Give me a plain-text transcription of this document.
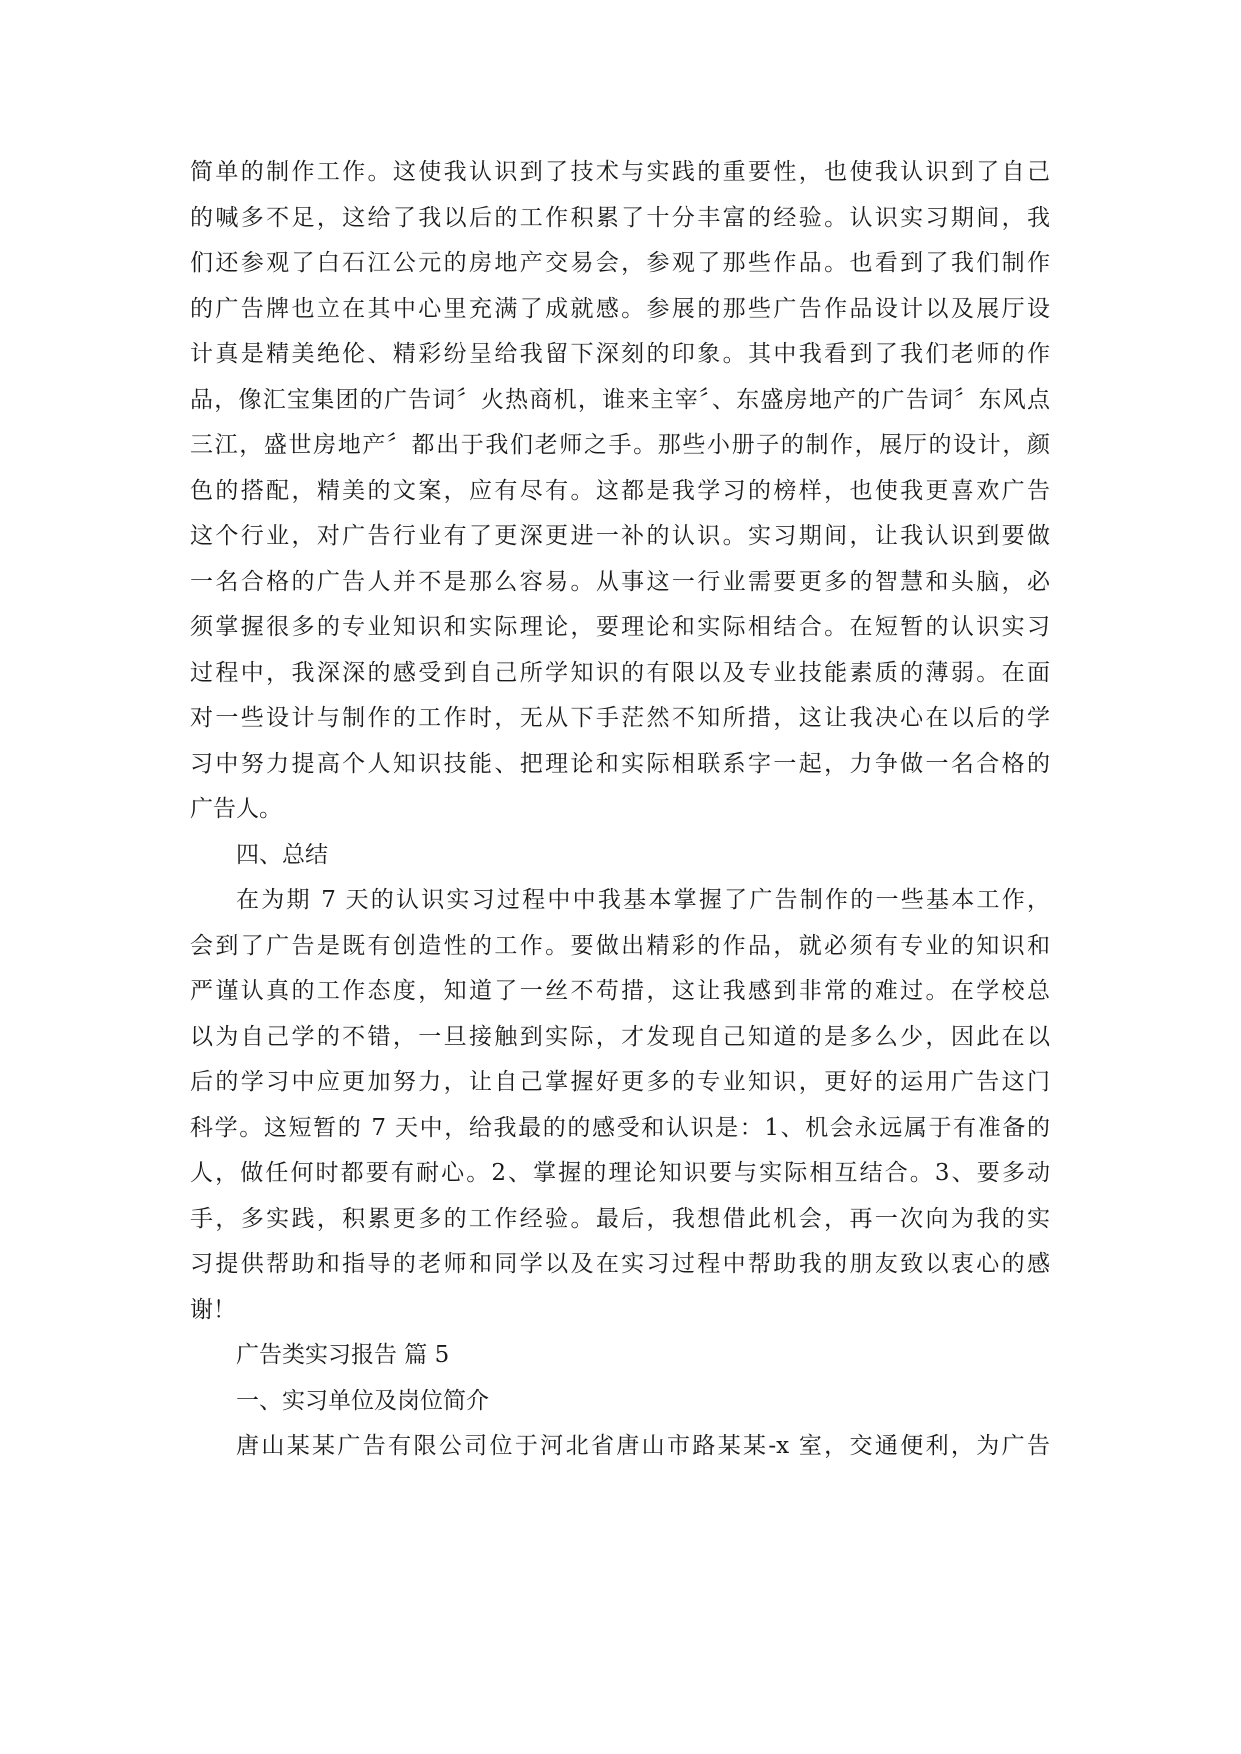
简单的制作工作。这使我认识到了技术与实践的重要性，也使我认识到了自己
的喊多不足，这给了我以后的工作积累了十分丰富的经验。认识实习期间，我
们还参观了白石江公元的房地产交易会，参观了那些作品。也看到了我们制作
的广告牌也立在其中心里充满了成就感。参展的那些广告作品设计以及展厅设
计真是精美绝伦、精彩纷呈给我留下深刻的印象。其中我看到了我们老师的作
品，像汇宝集团的广告词〞火热商机，谁来主宰〞、东盛房地产的广告词〞东风点
三江，盛世房地产〞都出于我们老师之手。那些小册子的制作，展厅的设计，颜
色的搭配，精美的文案，应有尽有。这都是我学习的榜样，也使我更喜欢广告
这个行业，对广告行业有了更深更进一补的认识。实习期间，让我认识到要做
一名合格的广告人并不是那么容易。从事这一行业需要更多的智慧和头脑，必
须掌握很多的专业知识和实际理论，要理论和实际相结合。在短暂的认识实习
过程中，我深深的感受到自己所学知识的有限以及专业技能素质的薄弱。在面
对一些设计与制作的工作时，无从下手茫然不知所措，这让我决心在以后的学
习中努力提高个人知识技能、把理论和实际相联系字一起，力争做一名合格的
广告人。
四、总结
在为期 7 天的认识实习过程中中我基本掌握了广告制作的一些基本工作，
会到了广告是既有创造性的工作。要做出精彩的作品，就必须有专业的知识和
严谨认真的工作态度，知道了一丝不苟措，这让我感到非常的难过。在学校总
以为自己学的不错，一旦接触到实际，才发现自己知道的是多么少，因此在以
后的学习中应更加努力，让自己掌握好更多的专业知识，更好的运用广告这门
科学。这短暂的 7 天中，给我最的的感受和认识是：1、机会永远属于有准备的
人，做任何时都要有耐心。2、掌握的理论知识要与实际相互结合。3、要多动
手，多实践，积累更多的工作经验。最后，我想借此机会，再一次向为我的实
习提供帮助和指导的老师和同学以及在实习过程中帮助我的朋友致以衷心的感
谢！
广告类实习报告 篇 5
一、实习单位及岗位简介
唐山某某广告有限公司位于河北省唐山市路某某-x 室，交通便利，为广告
